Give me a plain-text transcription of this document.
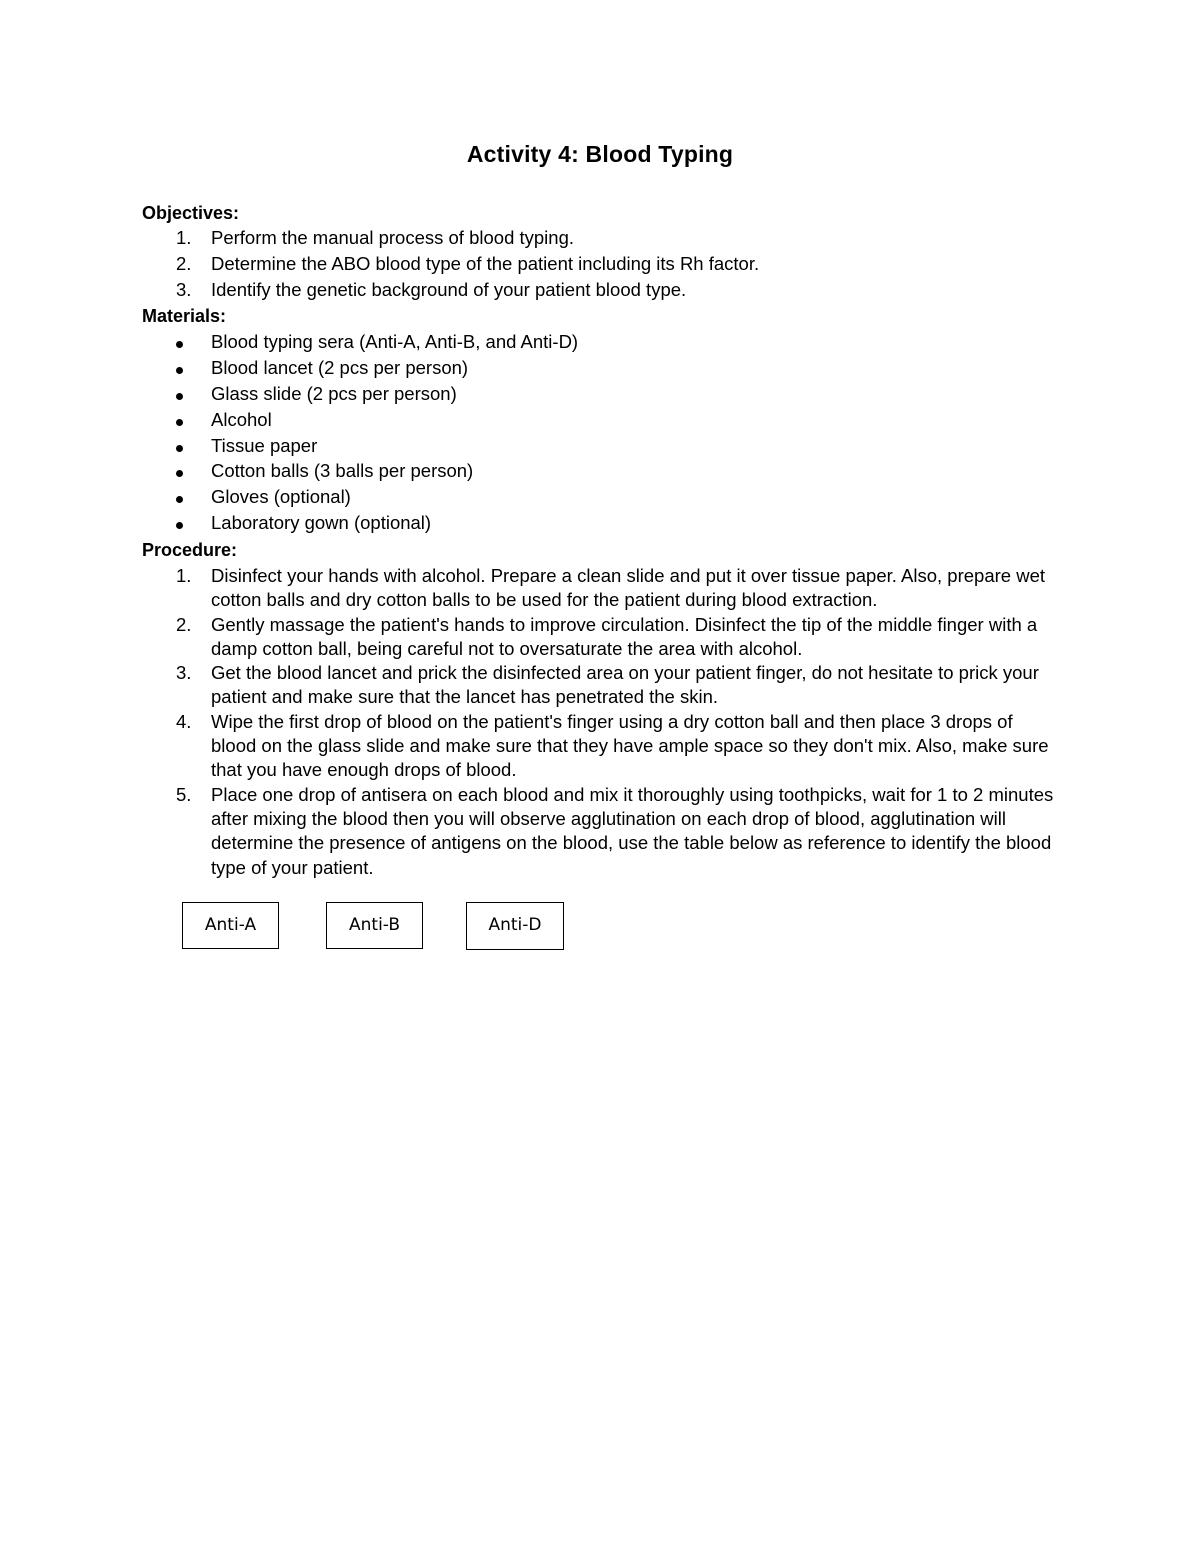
Activity 4: Blood Typing
Objectives:
1. Perform the manual process of blood typing.
2. Determine the ABO blood type of the patient including its Rh factor.
3. Identify the genetic background of your patient blood type.
Materials:
Blood typing sera (Anti-A, Anti-B, and Anti-D)
Blood lancet (2 pcs per person)
Glass slide (2 pcs per person)
Alcohol
Tissue paper
Cotton balls (3 balls per person)
Gloves (optional)
Laboratory gown (optional)
Procedure:
1. Disinfect your hands with alcohol. Prepare a clean slide and put it over tissue paper. Also, prepare wet cotton balls and dry cotton balls to be used for the patient during blood extraction.
2. Gently massage the patient's hands to improve circulation. Disinfect the tip of the middle finger with a damp cotton ball, being careful not to oversaturate the area with alcohol.
3. Get the blood lancet and prick the disinfected area on your patient finger, do not hesitate to prick your patient and make sure that the lancet has penetrated the skin.
4. Wipe the first drop of blood on the patient's finger using a dry cotton ball and then place 3 drops of blood on the glass slide and make sure that they have ample space so they don't mix. Also, make sure that you have enough drops of blood.
5. Place one drop of antisera on each blood and mix it thoroughly using toothpicks, wait for 1 to 2 minutes after mixing the blood then you will observe agglutination on each drop of blood, agglutination will determine the presence of antigens on the blood, use the table below as reference to identify the blood type of your patient.
Anti-A	Anti-B	Anti-D
